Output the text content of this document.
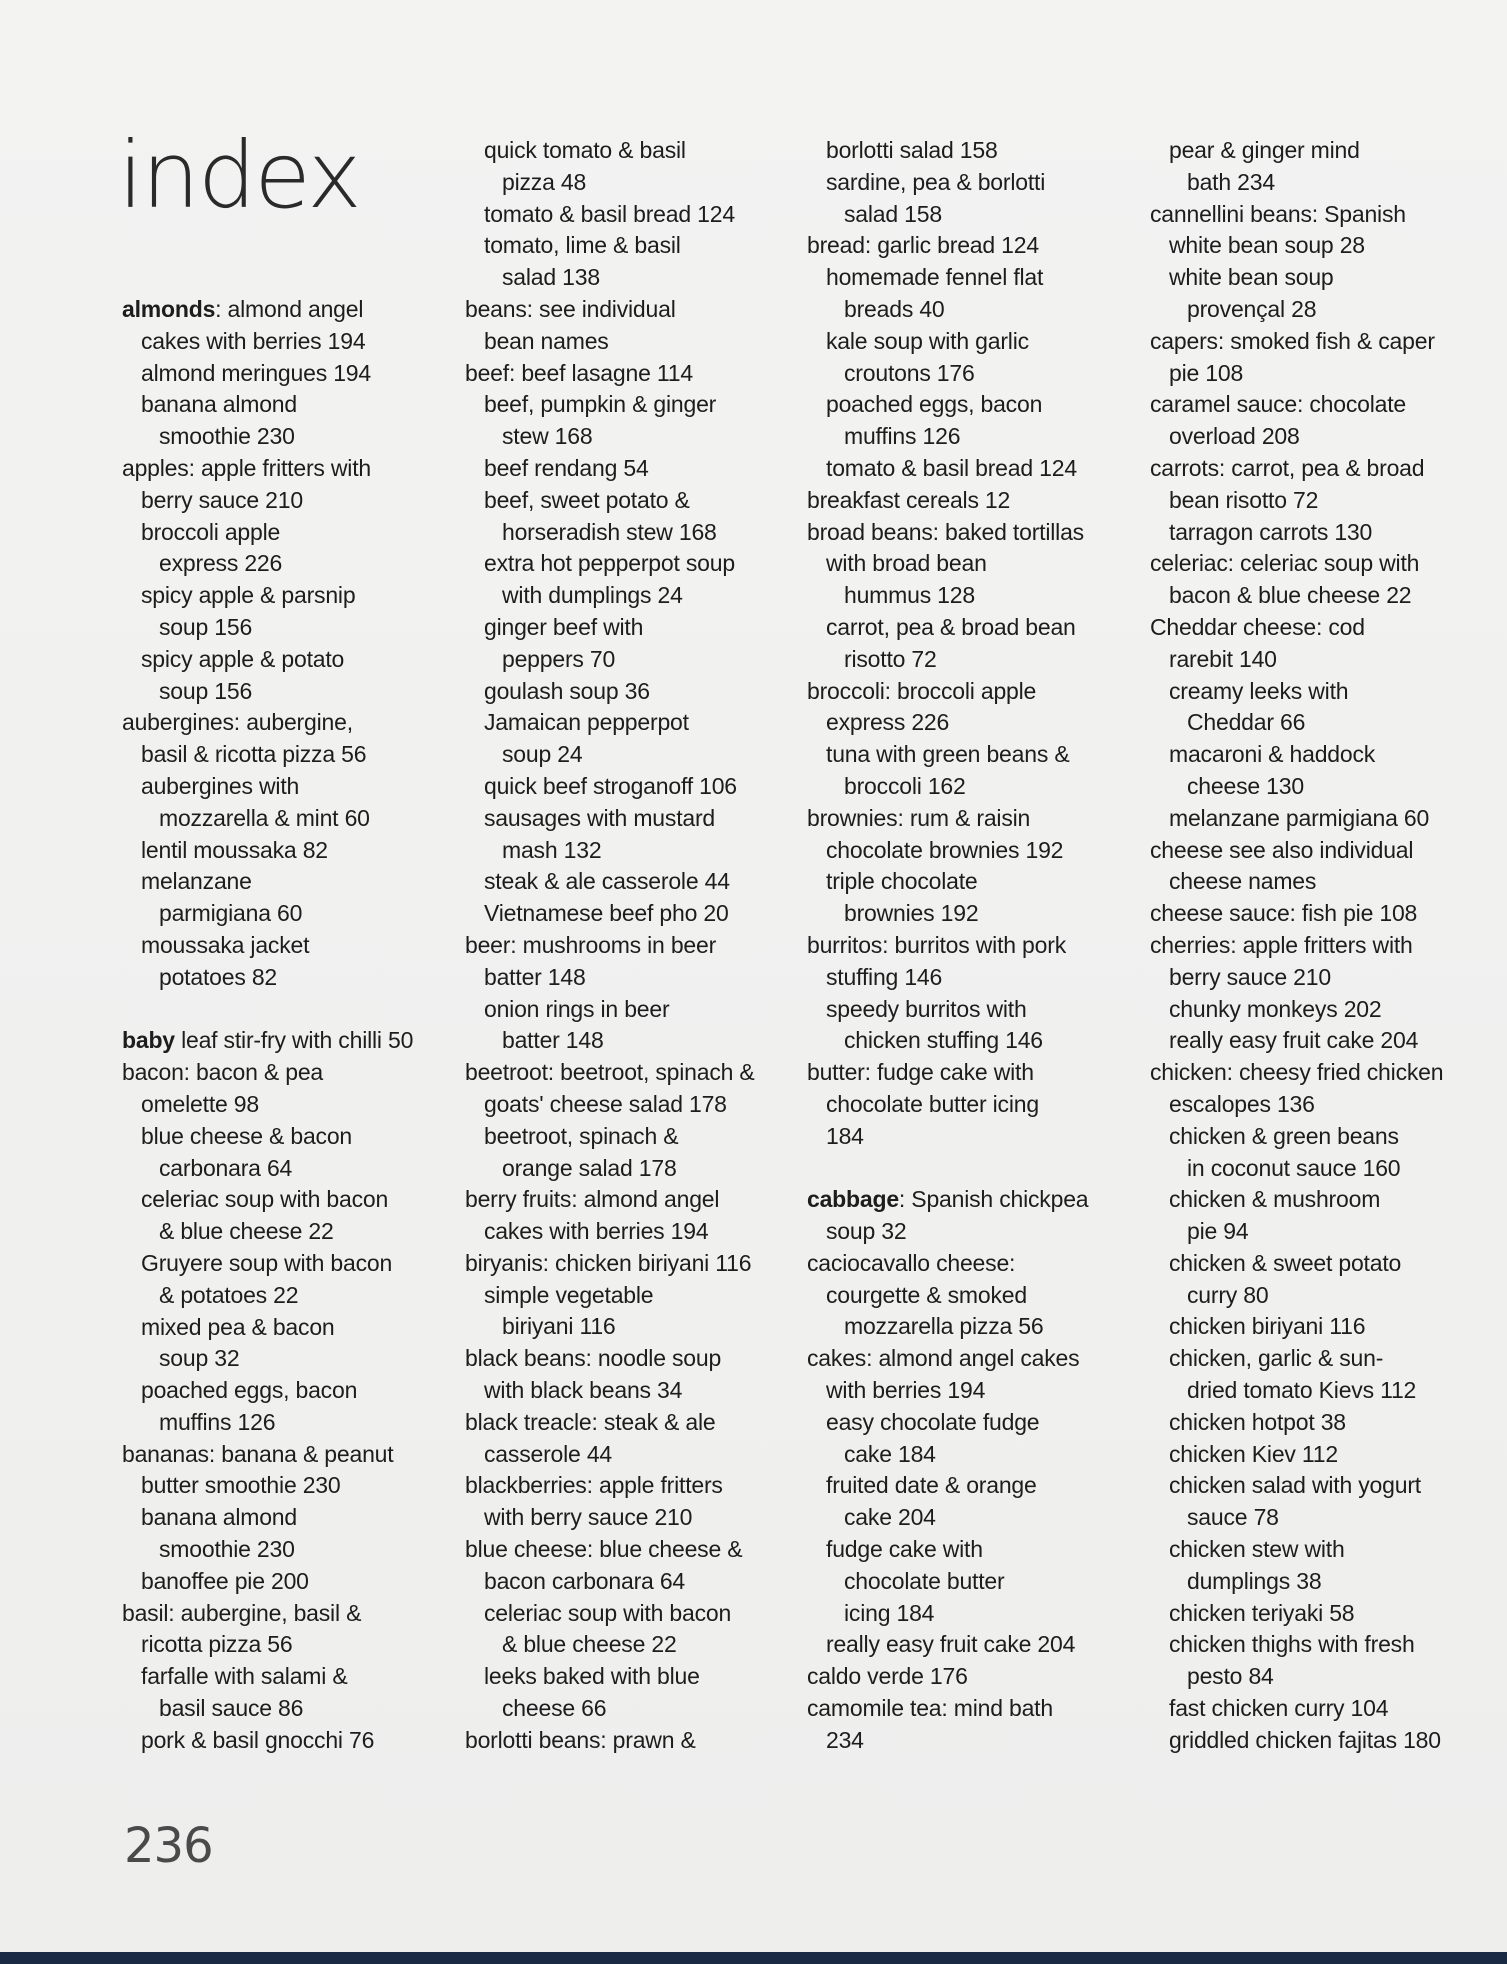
index
almonds: almond angel
cakes with berries 194
almond meringues 194
banana almond
smoothie 230
apples: apple fritters with
berry sauce 210
broccoli apple
express 226
spicy apple & parsnip
soup 156
spicy apple & potato
soup 156
aubergines: aubergine,
basil & ricotta pizza 56
aubergines with
mozzarella & mint 60
lentil moussaka 82
melanzane
parmigiana 60
moussaka jacket
potatoes 82
baby leaf stir-fry with chilli 50
bacon: bacon & pea
omelette 98
blue cheese & bacon
carbonara 64
celeriac soup with bacon
& blue cheese 22
Gruyere soup with bacon
& potatoes 22
mixed pea & bacon
soup 32
poached eggs, bacon
muffins 126
bananas: banana & peanut
butter smoothie 230
banana almond
smoothie 230
banoffee pie 200
basil: aubergine, basil &
ricotta pizza 56
farfalle with salami &
basil sauce 86
pork & basil gnocchi 76
quick tomato & basil
pizza 48
tomato & basil bread 124
tomato, lime & basil
salad 138
beans: see individual
bean names
beef: beef lasagne 114
beef, pumpkin & ginger
stew 168
beef rendang 54
beef, sweet potato &
horseradish stew 168
extra hot pepperpot soup
with dumplings 24
ginger beef with
peppers 70
goulash soup 36
Jamaican pepperpot
soup 24
quick beef stroganoff 106
sausages with mustard
mash 132
steak & ale casserole 44
Vietnamese beef pho 20
beer: mushrooms in beer
batter 148
onion rings in beer
batter 148
beetroot: beetroot, spinach &
goats' cheese salad 178
beetroot, spinach &
orange salad 178
berry fruits: almond angel
cakes with berries 194
biryanis: chicken biriyani 116
simple vegetable
biriyani 116
black beans: noodle soup
with black beans 34
black treacle: steak & ale
casserole 44
blackberries: apple fritters
with berry sauce 210
blue cheese: blue cheese &
bacon carbonara 64
celeriac soup with bacon
& blue cheese 22
leeks baked with blue
cheese 66
borlotti beans: prawn &
borlotti salad 158
sardine, pea & borlotti
salad 158
bread: garlic bread 124
homemade fennel flat
breads 40
kale soup with garlic
croutons 176
poached eggs, bacon
muffins 126
tomato & basil bread 124
breakfast cereals 12
broad beans: baked tortillas
with broad bean
hummus 128
carrot, pea & broad bean
risotto 72
broccoli: broccoli apple
express 226
tuna with green beans &
broccoli 162
brownies: rum & raisin
chocolate brownies 192
triple chocolate
brownies 192
burritos: burritos with pork
stuffing 146
speedy burritos with
chicken stuffing 146
butter: fudge cake with
chocolate butter icing
184
cabbage: Spanish chickpea
soup 32
caciocavallo cheese:
courgette & smoked
mozzarella pizza 56
cakes: almond angel cakes
with berries 194
easy chocolate fudge
cake 184
fruited date & orange
cake 204
fudge cake with
chocolate butter
icing 184
really easy fruit cake 204
caldo verde 176
camomile tea: mind bath
234
pear & ginger mind
bath 234
cannellini beans: Spanish
white bean soup 28
white bean soup
provençal 28
capers: smoked fish & caper
pie 108
caramel sauce: chocolate
overload 208
carrots: carrot, pea & broad
bean risotto 72
tarragon carrots 130
celeriac: celeriac soup with
bacon & blue cheese 22
Cheddar cheese: cod
rarebit 140
creamy leeks with
Cheddar 66
macaroni & haddock
cheese 130
melanzane parmigiana 60
cheese see also individual
cheese names
cheese sauce: fish pie 108
cherries: apple fritters with
berry sauce 210
chunky monkeys 202
really easy fruit cake 204
chicken: cheesy fried chicken
escalopes 136
chicken & green beans
in coconut sauce 160
chicken & mushroom
pie 94
chicken & sweet potato
curry 80
chicken biriyani 116
chicken, garlic & sun-
dried tomato Kievs 112
chicken hotpot 38
chicken Kiev 112
chicken salad with yogurt
sauce 78
chicken stew with
dumplings 38
chicken teriyaki 58
chicken thighs with fresh
pesto 84
fast chicken curry 104
griddled chicken fajitas 180
236
